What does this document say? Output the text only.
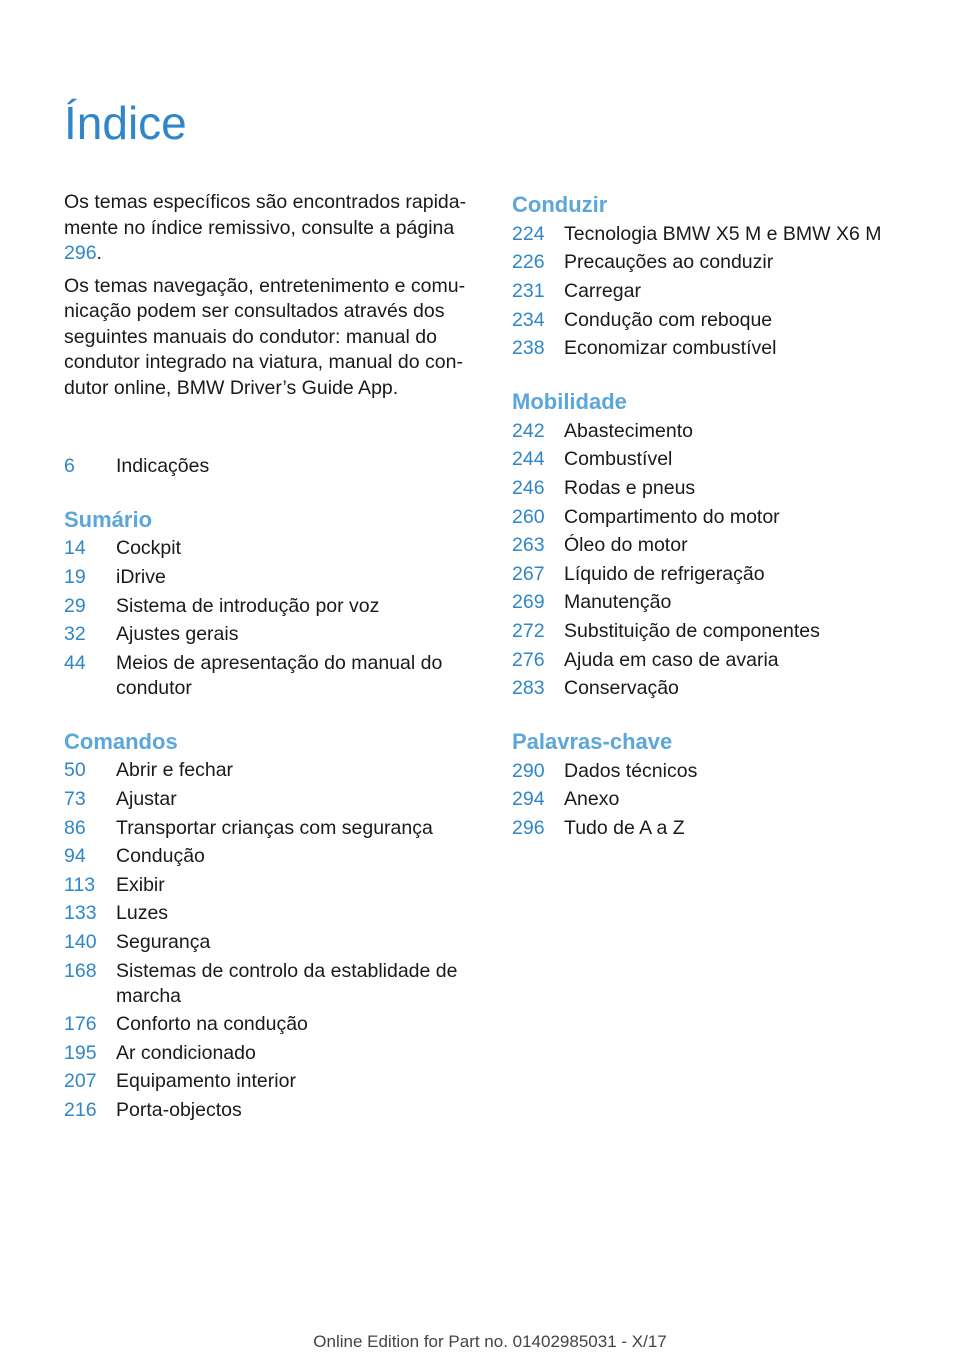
Índice

Os temas específicos são encontrados rapidamente no índice remissivo, consulte a página 296.

Os temas navegação, entretenimento e comunicação podem ser consultados através dos seguintes manuais do condutor: manual do condutor integrado na viatura, manual do condutor online, BMW Driver’s Guide App.

6	Indicações
Sumário
14	Cockpit
19	iDrive
29	Sistema de introdução por voz
32	Ajustes gerais
44	Meios de apresentação do manual do condutor
Comandos
50	Abrir e fechar
73	Ajustar
86	Transportar crianças com segurança
94	Condução
113	Exibir
133 Luzes
140 Segurança
168 Sistemas de controlo da establidade de marcha
176 Conforto na condução
195 Ar condicionado
207 Equipamento interior
216 Porta-objectos
Conduzir
224 Tecnologia BMW X5 M e BMW X6 M
226 Precauções ao conduzir
231 Carregar
234 Condução com reboque
238 Economizar combustível
Mobilidade
242 Abastecimento
244 Combustível
246 Rodas e pneus
260 Compartimento do motor
263 Óleo do motor
267 Líquido de refrigeração
269 Manutenção
272 Substituição de componentes
276 Ajuda em caso de avaria
283 Conservação
Palavras-chave
290 Dados técnicos
294 Anexo
296 Tudo de A a Z
Online Edition for Part no. 01402985031 - X/17
